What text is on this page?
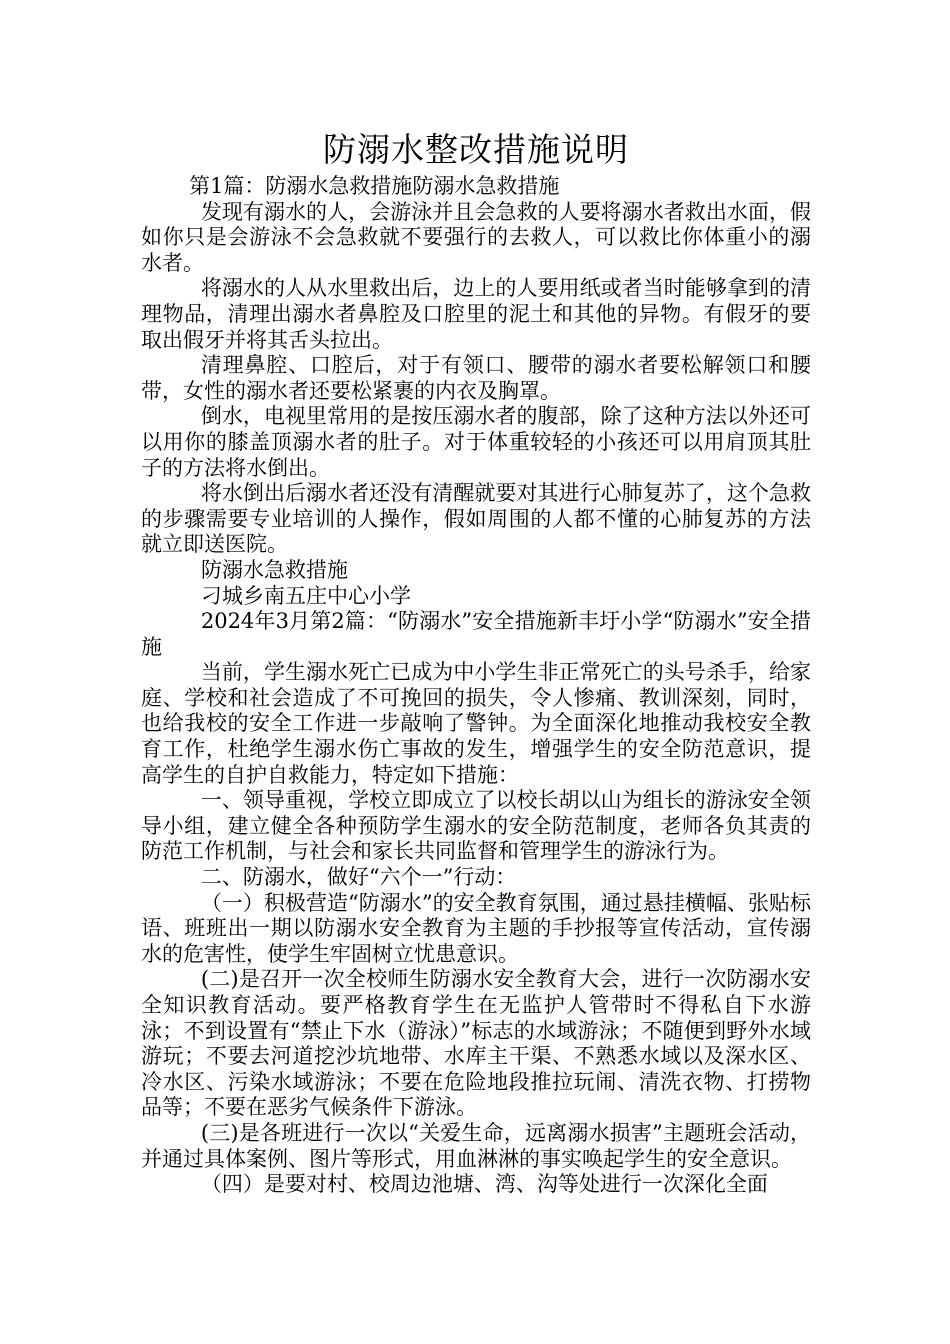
防溺水整改措施说明

第1篇：防溺水急救措施防溺水急救措施

发现有溺水的人，会游泳并且会急救的人要将溺水者救出水面，假如你只是会游泳不会急救就不要强行的去救人，可以救比你体重小的溺水者。

将溺水的人从水里救出后，边上的人要用纸或者当时能够拿到的清理物品，清理出溺水者鼻腔及口腔里的泥土和其他的异物。有假牙的要取出假牙并将其舌头拉出。

清理鼻腔、口腔后，对于有领口、腰带的溺水者要松解领口和腰带，女性的溺水者还要松紧裹的内衣及胸罩。

倒水，电视里常用的是按压溺水者的腹部，除了这种方法以外还可以用你的膝盖顶溺水者的肚子。对于体重较轻的小孩还可以用肩顶其肚子的方法将水倒出。

将水倒出后溺水者还没有清醒就要对其进行心肺复苏了，这个急救的步骤需要专业培训的人操作，假如周围的人都不懂的心肺复苏的方法就立即送医院。

防溺水急救措施

刁城乡南五庄中心小学

2024年3月第2篇：“防溺水”安全措施新丰圩小学“防溺水”安全措施

当前，学生溺水死亡已成为中小学生非正常死亡的头号杀手，给家庭、学校和社会造成了不可挽回的损失，令人惨痛、教训深刻，同时，也给我校的安全工作进一步敲响了警钟。为全面深化地推动我校安全教育工作，杜绝学生溺水伤亡事故的发生，增强学生的安全防范意识，提高学生的自护自救能力，特定如下措施：

一、领导重视，学校立即成立了以校长胡以山为组长的游泳安全领导小组，建立健全各种预防学生溺水的安全防范制度，老师各负其责的防范工作机制，与社会和家长共同监督和管理学生的游泳行为。

二、防溺水，做好“六个一”行动：

（一）积极营造“防溺水”的安全教育氛围，通过悬挂横幅、张贴标语、班班出一期以防溺水安全教育为主题的手抄报等宣传活动，宣传溺水的危害性，使学生牢固树立忧患意识。

(二)是召开一次全校师生防溺水安全教育大会，进行一次防溺水安全知识教育活动。要严格教育学生在无监护人管带时不得私自下水游泳；不到设置有“禁止下水（游泳）”标志的水域游泳；不随便到野外水域游玩；不要去河道挖沙坑地带、水库主干渠、不熟悉水域以及深水区、冷水区、污染水域游泳；不要在危险地段推拉玩闹、清洗衣物、打捞物品等；不要在恶劣气候条件下游泳。

(三)是各班进行一次以“关爱生命，远离溺水损害”主题班会活动，并通过具体案例、图片等形式，用血淋淋的事实唤起学生的安全意识。

（四）是要对村、校周边池塘、湾、沟等处进行一次深化全面
